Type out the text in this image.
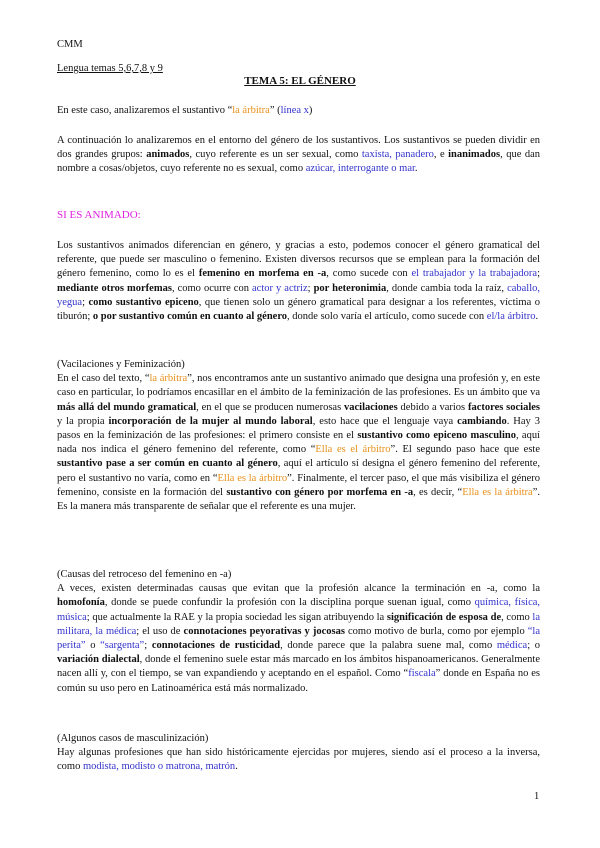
CMM
Lengua temas 5,6,7,8 y 9
TEMA 5: EL GÉNERO
En este caso, analizaremos el sustantivo “la árbitra” (línea x)
A continuación lo analizaremos en el entorno del género de los sustantivos. Los sustantivos se pueden dividir en dos grandes grupos: animados, cuyo referente es un ser sexual, como taxista, panadero, e inanimados, que dan nombre a cosas/objetos, cuyo referente no es sexual, como azúcar, interrogante o mar.
SI ES ANIMADO:
Los sustantivos animados diferencian en género, y gracias a esto, podemos conocer el género gramatical del referente, que puede ser masculino o femenino. Existen diversos recursos que se emplean para la formación del género femenino, como lo es el femenino en morfema en -a, como sucede con el trabajador y la trabajadora; mediante otros morfemas, como ocurre con actor y actriz; por heteronimia, donde cambia toda la raíz, caballo, yegua; como sustantivo epiceno, que tienen solo un género gramatical para designar a los referentes, víctima o tiburón; o por sustantivo común en cuanto al género, donde solo varía el artículo, como sucede con el/la árbitro.
(Vacilaciones y Feminización)
En el caso del texto, “la árbitra”, nos encontramos ante un sustantivo animado que designa una profesión y, en este caso en particular, lo podríamos encasillar en el ámbito de la feminización de las profesiones. Es un ámbito que va más allá del mundo gramatical, en el que se producen numerosas vacilaciones debido a varios factores sociales y la propia incorporación de la mujer al mundo laboral, esto hace que el lenguaje vaya cambiando. Hay 3 pasos en la feminización de las profesiones: el primero consiste en el sustantivo como epiceno masculino, aquí nada nos indica el género femenino del referente, como “Ella es el árbitro”. El segundo paso hace que este sustantivo pase a ser común en cuanto al género, aquí el artículo sí designa el género femenino del referente, pero el sustantivo no varía, como en “Ella es la árbitro”. Finalmente, el tercer paso, el que más visibiliza el género femenino, consiste en la formación del sustantivo con género por morfema en -a, es decir, “Ella es la árbitra”. Es la manera más transparente de señalar que el referente es una mujer.
(Causas del retroceso del femenino en -a)
A veces, existen determinadas causas que evitan que la profesión alcance la terminación en -a, como la homofonía, donde se puede confundir la profesión con la disciplina porque suenan igual, como química, física, música; que actualmente la RAE y la propia sociedad les sigan atribuyendo la significación de esposa de, como la militara, la médica; el uso de connotaciones peyorativas y jocosas como motivo de burla, como por ejemplo “la perita” o “sargenta”; connotaciones de rusticidad, donde parece que la palabra suene mal, como médica; o variación dialectal, donde el femenino suele estar más marcado en los ámbitos hispanoamericanos. Generalmente nacen allí y, con el tiempo, se van expandiendo y aceptando en el español. Como “fiscala” donde en España no es común su uso pero en Latinoamérica está más normalizado.
(Algunos casos de masculinización)
Hay algunas profesiones que han sido históricamente ejercidas por mujeres, siendo así el proceso a la inversa, como modista, modisto o matrona, matrón.
1
